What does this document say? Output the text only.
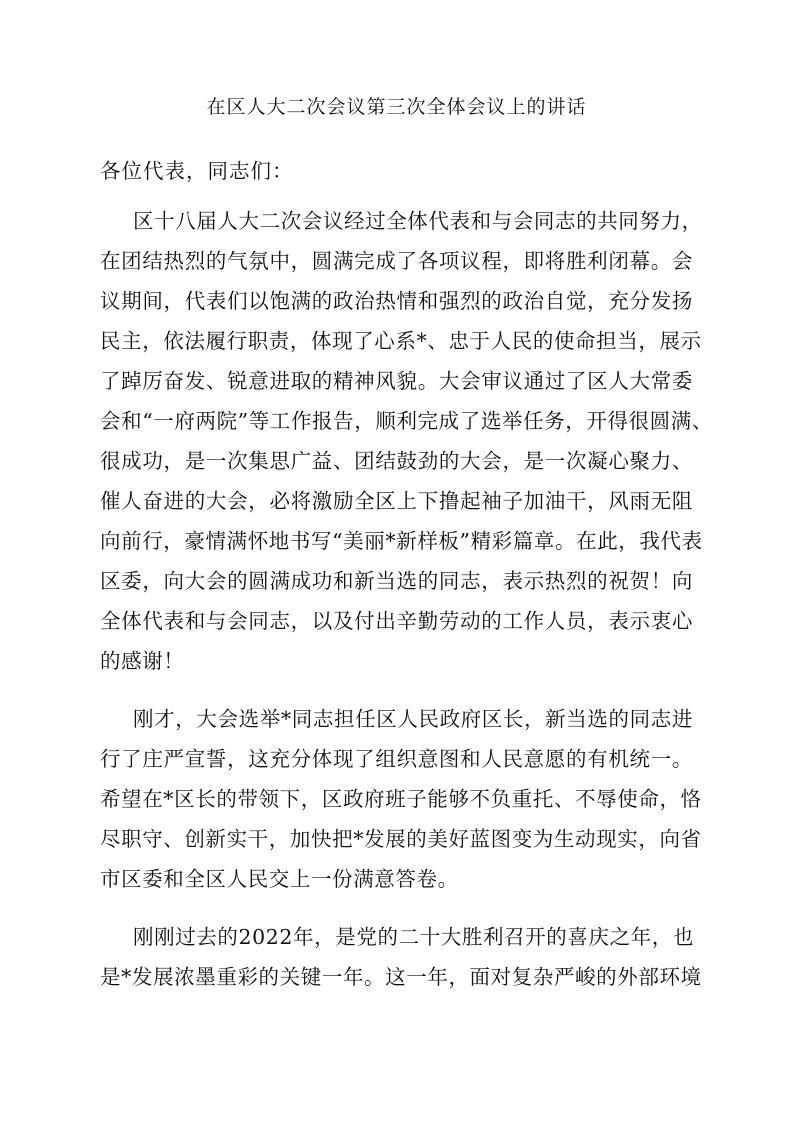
在区人大二次会议第三次全体会议上的讲话
各位代表，同志们：
区十八届人大二次会议经过全体代表和与会同志的共同努力，
在团结热烈的气氛中，圆满完成了各项议程，即将胜利闭幕。会
议期间，代表们以饱满的政治热情和强烈的政治自觉，充分发扬
民主，依法履行职责，体现了心系*、忠于人民的使命担当，展示
了踔厉奋发、锐意进取的精神风貌。大会审议通过了区人大常委
会和“一府两院”等工作报告，顺利完成了选举任务，开得很圆满、
很成功，是一次集思广益、团结鼓劲的大会，是一次凝心聚力、
催人奋进的大会，必将激励全区上下撸起袖子加油干，风雨无阻
向前行，豪情满怀地书写“美丽*新样板”精彩篇章。在此，我代表
区委，向大会的圆满成功和新当选的同志，表示热烈的祝贺！向
全体代表和与会同志，以及付出辛勤劳动的工作人员，表示衷心
的感谢！
刚才，大会选举*同志担任区人民政府区长，新当选的同志进
行了庄严宣誓，这充分体现了组织意图和人民意愿的有机统一。
希望在*区长的带领下，区政府班子能够不负重托、不辱使命，恪
尽职守、创新实干，加快把*发展的美好蓝图变为生动现实，向省
市区委和全区人民交上一份满意答卷。
刚刚过去的2022年，是党的二十大胜利召开的喜庆之年，也
是*发展浓墨重彩的关键一年。这一年，面对复杂严峻的外部环境
